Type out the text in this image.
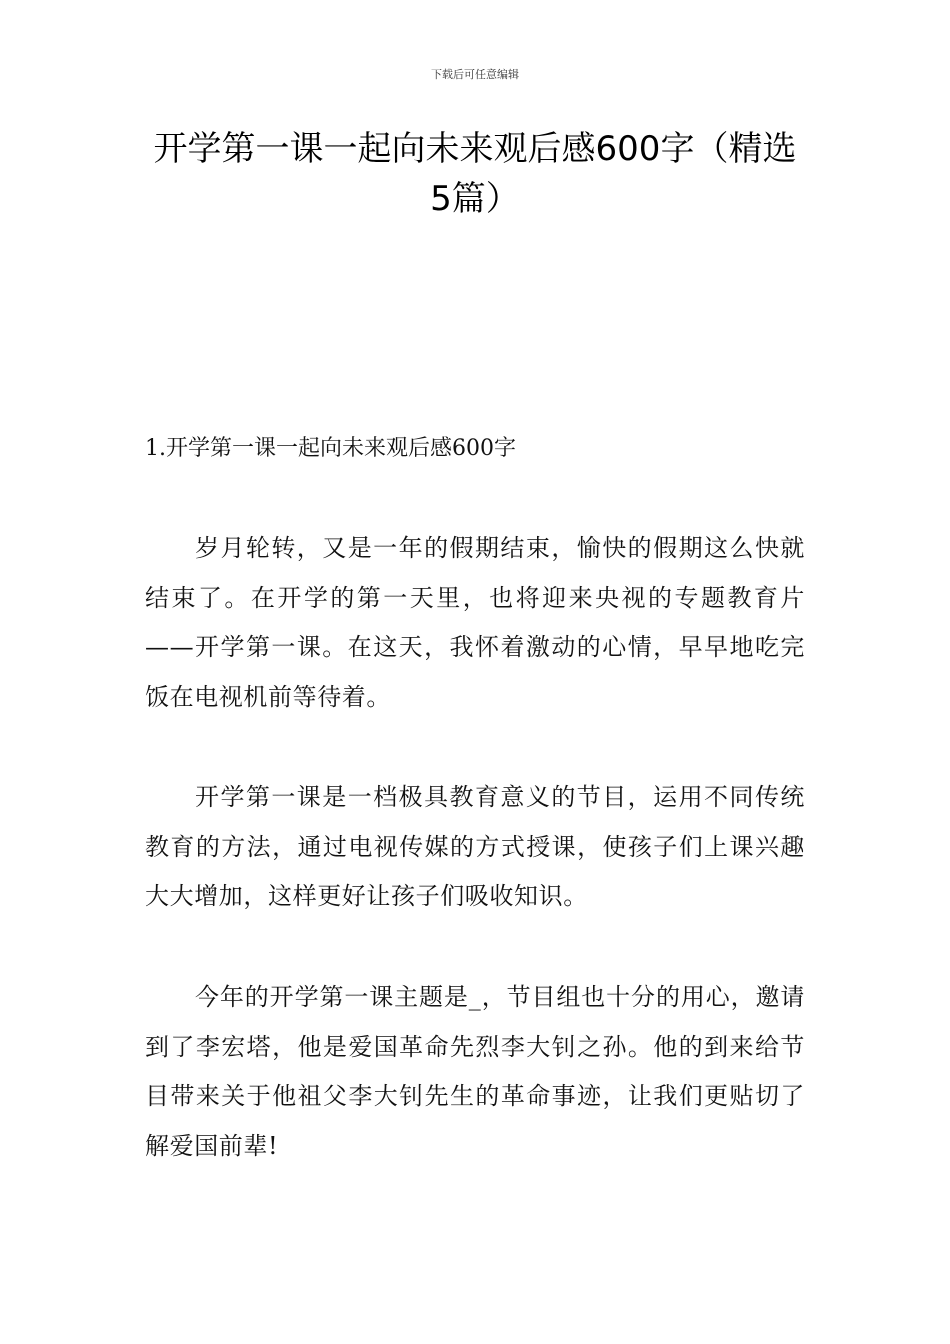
下载后可任意编辑
开学第一课一起向未来观后感600字（精选5篇）
1.开学第一课一起向未来观后感600字

岁月轮转，又是一年的假期结束，愉快的假期这么快就结束了。在开学的第一天里，也将迎来央视的专题教育片——开学第一课。在这天，我怀着激动的心情，早早地吃完饭在电视机前等待着。

开学第一课是一档极具教育意义的节目，运用不同传统教育的方法，通过电视传媒的方式授课，使孩子们上课兴趣大大增加，这样更好让孩子们吸收知识。

今年的开学第一课主题是_，节目组也十分的用心，邀请到了李宏塔，他是爱国革命先烈李大钊之孙。他的到来给节目带来关于他祖父李大钊先生的革命事迹，让我们更贴切了解爱国前辈!
